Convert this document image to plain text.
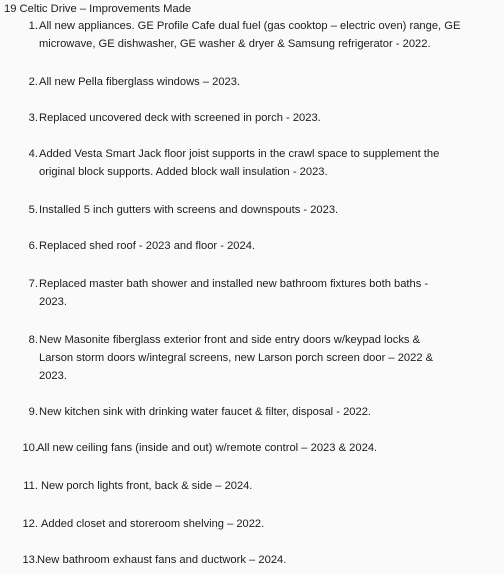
19 Celtic Drive – Improvements Made
1. All new appliances. GE Profile Cafe dual fuel (gas cooktop – electric oven) range, GE
microwave, GE dishwasher, GE washer & dryer & Samsung refrigerator - 2022.
2. All new Pella fiberglass windows – 2023.
3. Replaced uncovered deck with screened in porch - 2023.
4. Added Vesta Smart Jack floor joist supports in the crawl space to supplement the
original block supports. Added block wall insulation - 2023.
5. Installed 5 inch gutters with screens and downspouts - 2023.
6. Replaced shed roof - 2023 and floor - 2024.
7. Replaced master bath shower and installed new bathroom fixtures both baths -
2023.
8. New Masonite fiberglass exterior front and side entry doors w/keypad locks &
Larson storm doors w/integral screens, new Larson porch screen door – 2022 &
2023.
9. New kitchen sink with drinking water faucet & filter, disposal - 2022.
10. All new ceiling fans (inside and out) w/remote control – 2023 & 2024.
11. New porch lights front, back & side – 2024.
12. Added closet and storeroom shelving – 2022.
13. New bathroom exhaust fans and ductwork – 2024.
